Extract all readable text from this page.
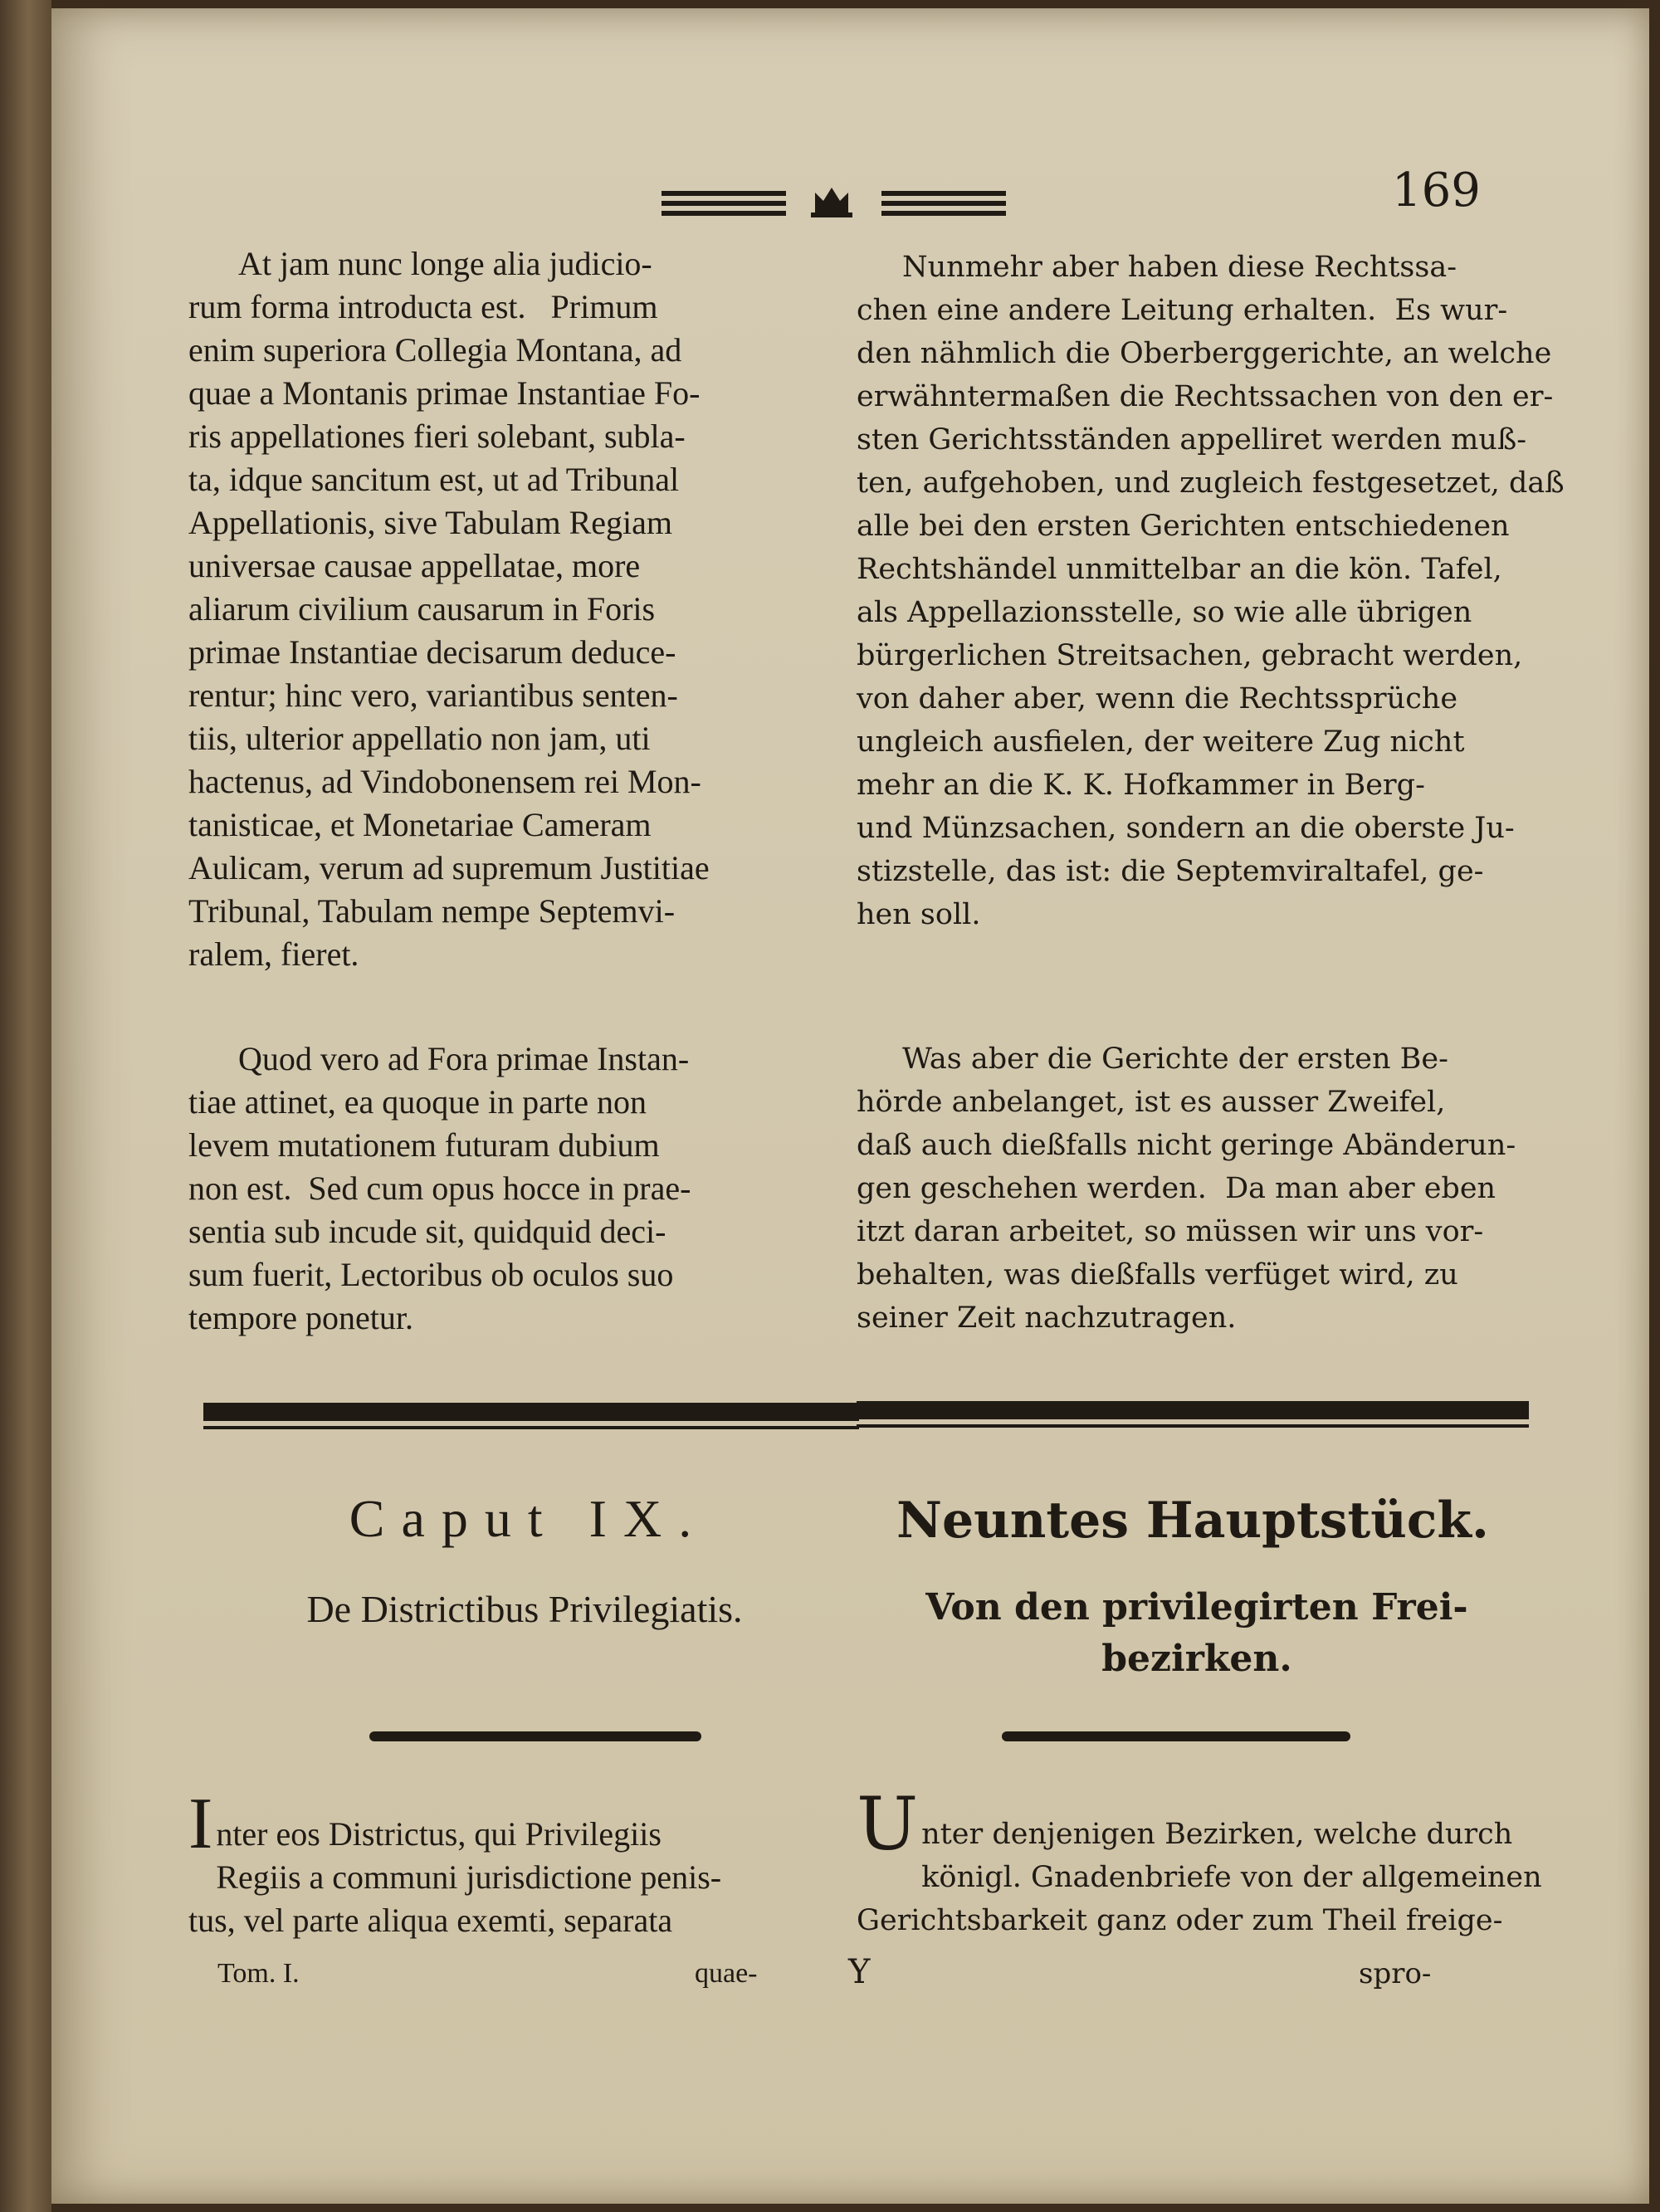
169

At jam nunc longe alia judicio-

rum forma introducta est.   Primum

enim superiora Collegia Montana, ad

quae a Montanis primae Instantiae Fo-

ris appellationes fieri solebant, subla-

ta, idque sancitum est, ut ad Tribunal

Appellationis, sive Tabulam Regiam

universae causae appellatae, more

aliarum civilium causarum in Foris

primae Instantiae decisarum deduce-

rentur; hinc vero, variantibus senten-

tiis, ulterior appellatio non jam, uti

hactenus, ad Vindobonensem rei Mon-

tanisticae, et Monetariae Cameram

Aulicam, verum ad supremum Justitiae

Tribunal, Tabulam nempe Septemvi-

ralem, fieret.

Quod vero ad Fora primae Instan-

tiae attinet, ea quoque in parte non

levem mutationem futuram dubium

non est.  Sed cum opus hocce in prae-

sentia sub incude sit, quidquid deci-

sum fuerit, Lectoribus ob oculos suo

tempore ponetur.

Nunmehr aber haben diese Rechtssa-

chen eine andere Leitung erhalten.  Es wur-

den nähmlich die Oberberggerichte, an welche

erwähntermaßen die Rechtssachen von den er-

sten Gerichtsständen appelliret werden muß-

ten, aufgehoben, und zugleich festgesetzet, daß

alle bei den ersten Gerichten entschiedenen

Rechtshändel unmittelbar an die kön. Tafel,

als Appellazionsstelle, so wie alle übrigen

bürgerlichen Streitsachen, gebracht werden,

von daher aber, wenn die Rechtssprüche

ungleich ausfielen, der weitere Zug nicht

mehr an die K. K. Hofkammer in Berg-

und Münzsachen, sondern an die oberste Ju-

stizstelle, das ist: die Septemviraltafel, ge-

hen soll.

Was aber die Gerichte der ersten Be-

hörde anbelanget, ist es ausser Zweifel,

daß auch dießfalls nicht geringe Abänderun-

gen geschehen werden.  Da man aber eben

itzt daran arbeitet, so müssen wir uns vor-

behalten, was dießfalls verfüget wird, zu

seiner Zeit nachzutragen.

Caput IX.	Neuntes Hauptstück.
De Districtibus Privilegiatis.	Von den privilegirten Frei-
bezirken.
I nter eos Districtus, qui Privilegiis

Regiis a communi jurisdictione penis-

tus, vel parte aliqua exemti, separata

U nter denjenigen Bezirken, welche durch

königl. Gnadenbriefe von der allgemeinen

Gerichtsbarkeit ganz oder zum Theil freige-

Tom. I.	quae-	Y	spro-
